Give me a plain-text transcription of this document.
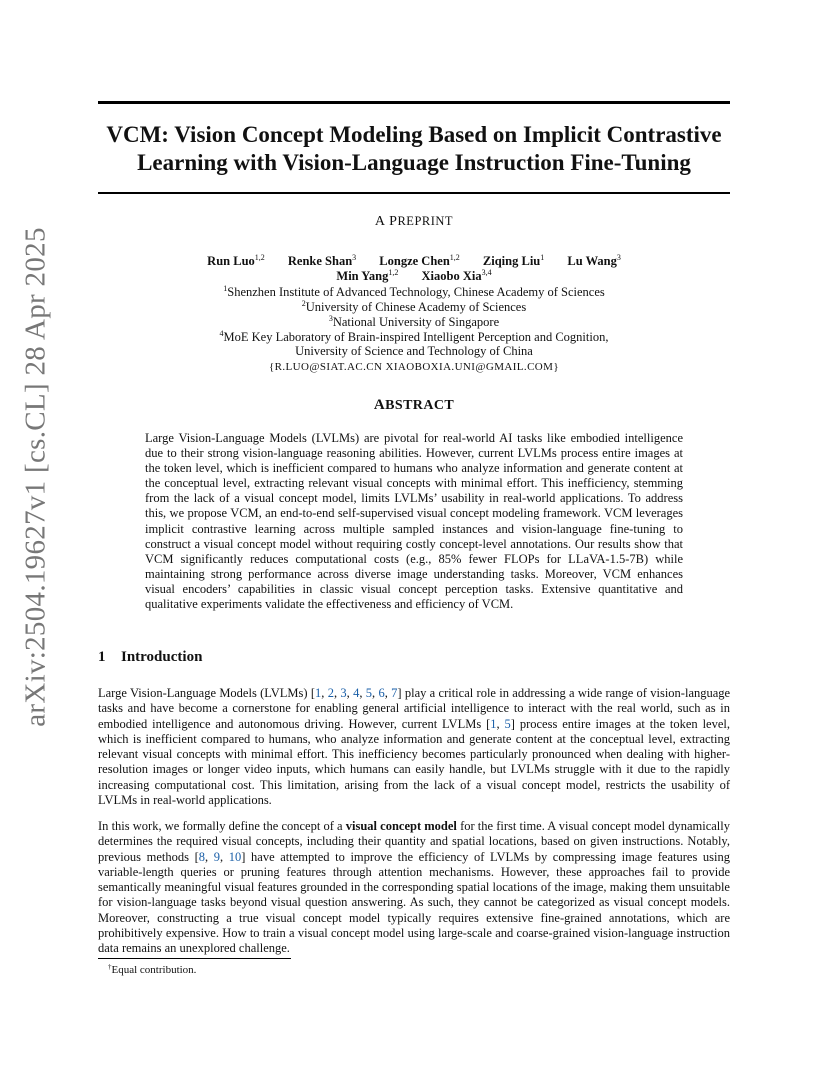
arXiv:2504.19627v1 [cs.CL] 28 Apr 2025
VCM: Vision Concept Modeling Based on Implicit Contrastive
Learning with Vision-Language Instruction Fine-Tuning
A PREPRINT
Run Luo$^{1,2}$ Renke Shan$^3$ Longze Chen$^{1,2}$ Ziqing Liu$^1$ Lu Wang$^3$
Min Yang$^{1,2}$ Xiaobo Xia$^{3,4}$
$^1$Shenzhen Institute of Advanced Technology, Chinese Academy of Sciences
$^2$University of Chinese Academy of Sciences
$^3$National University of Singapore
$^4$MoE Key Laboratory of Brain-inspired Intelligent Perception and Cognition,
University of Science and Technology of China
{R.LUO@SIAT.AC.CN XIAOBOXIA.UNI@GMAIL.COM}
ABSTRACT

Large Vision-Language Models (LVLMs) are pivotal for real-world AI tasks like embodied intelligence due to their strong vision-language reasoning abilities. However, current LVLMs process entire images at the token level, which is inefficient compared to humans who analyze information and generate content at the conceptual level, extracting relevant visual concepts with minimal effort. This inefficiency, stemming from the lack of a visual concept model, limits LVLMs’ usability in real-world applications. To address this, we propose VCM, an end-to-end self-supervised visual concept modeling framework. VCM leverages implicit contrastive learning across multiple sampled instances and vision-language fine-tuning to construct a visual concept model without requiring costly concept-level annotations. Our results show that VCM significantly reduces computational costs (e.g., 85% fewer FLOPs for LLaVA-1.5-7B) while maintaining strong performance across diverse image understanding tasks. Moreover, VCM enhances visual encoders’ capabilities in classic visual concept perception tasks. Extensive quantitative and qualitative experiments validate the effectiveness and efficiency of VCM.

1 Introduction

Large Vision-Language Models (LVLMs) [1, 2, 3, 4, 5, 6, 7] play a critical role in addressing a wide range of vision-language tasks and have become a cornerstone for enabling general artificial intelligence to interact with the real world, such as in embodied intelligence and autonomous driving. However, current LVLMs [1, 5] process entire images at the token level, which is inefficient compared to humans, who analyze information and generate content at the conceptual level, extracting relevant visual concepts with minimal effort. This inefficiency becomes particularly pronounced when dealing with higher-resolution images or longer video inputs, which humans can easily handle, but LVLMs struggle with it due to the rapidly increasing computational cost. This limitation, arising from the lack of a visual concept model, restricts the usability of LVLMs in real-world applications.

In this work, we formally define the concept of a visual concept model for the first time. A visual concept model dynamically determines the required visual concepts, including their quantity and spatial locations, based on given instructions. Notably, previous methods [8, 9, 10] have attempted to improve the efficiency of LVLMs by compressing image features using variable-length queries or pruning features through attention mechanisms. However, these approaches fail to provide semantically meaningful visual features grounded in the corresponding spatial locations of the image, making them unsuitable for vision-language tasks beyond visual question answering. As such, they cannot be categorized as visual concept models. Moreover, constructing a true visual concept model typically requires extensive fine-grained annotations, which are prohibitively expensive. How to train a visual concept model using large-scale and coarse-grained vision-language instruction data remains an unexplored challenge.

†Equal contribution.
